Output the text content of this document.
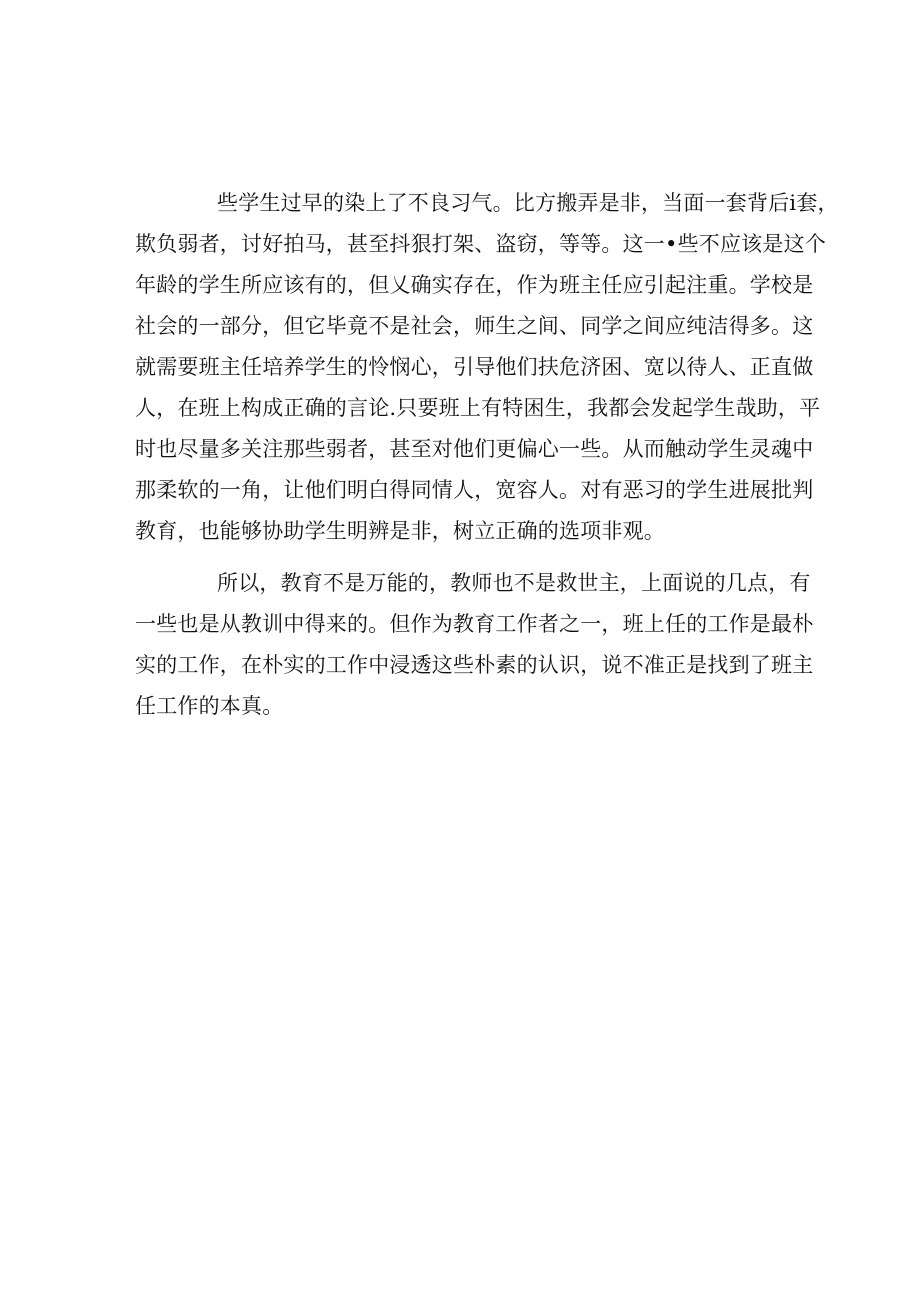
些学生过早的染上了不良习气。比方搬弄是非，当面一套背后i套，
欺负弱者，讨好拍马，甚至抖狠打架、盗窃，等等。这一•些不应该是这个
年龄的学生所应该有的，但乂确实存在，作为班主任应引起注重。学校是
社会的一部分，但它毕竟不是社会，师生之间、同学之间应纯洁得多。这
就需要班主任培养学生的怜悯心，引导他们扶危济困、宽以待人、正直做
人，在班上构成正确的言论.只要班上有特困生，我都会发起学生哉助，平
时也尽量多关注那些弱者，甚至对他们更偏心一些。从而触动学生灵魂中
那柔软的一角，让他们明白得同情人，宽容人。对有恶习的学生进展批判
教育，也能够协助学生明辨是非，树立正确的选项非观。
所以，教育不是万能的，教师也不是救世主，上面说的几点，有
一些也是从教训中得来的。但作为教育工作者之一，班上任的工作是最朴
实的工作，在朴实的工作中浸透这些朴素的认识，说不准正是找到了班主
任工作的本真。
